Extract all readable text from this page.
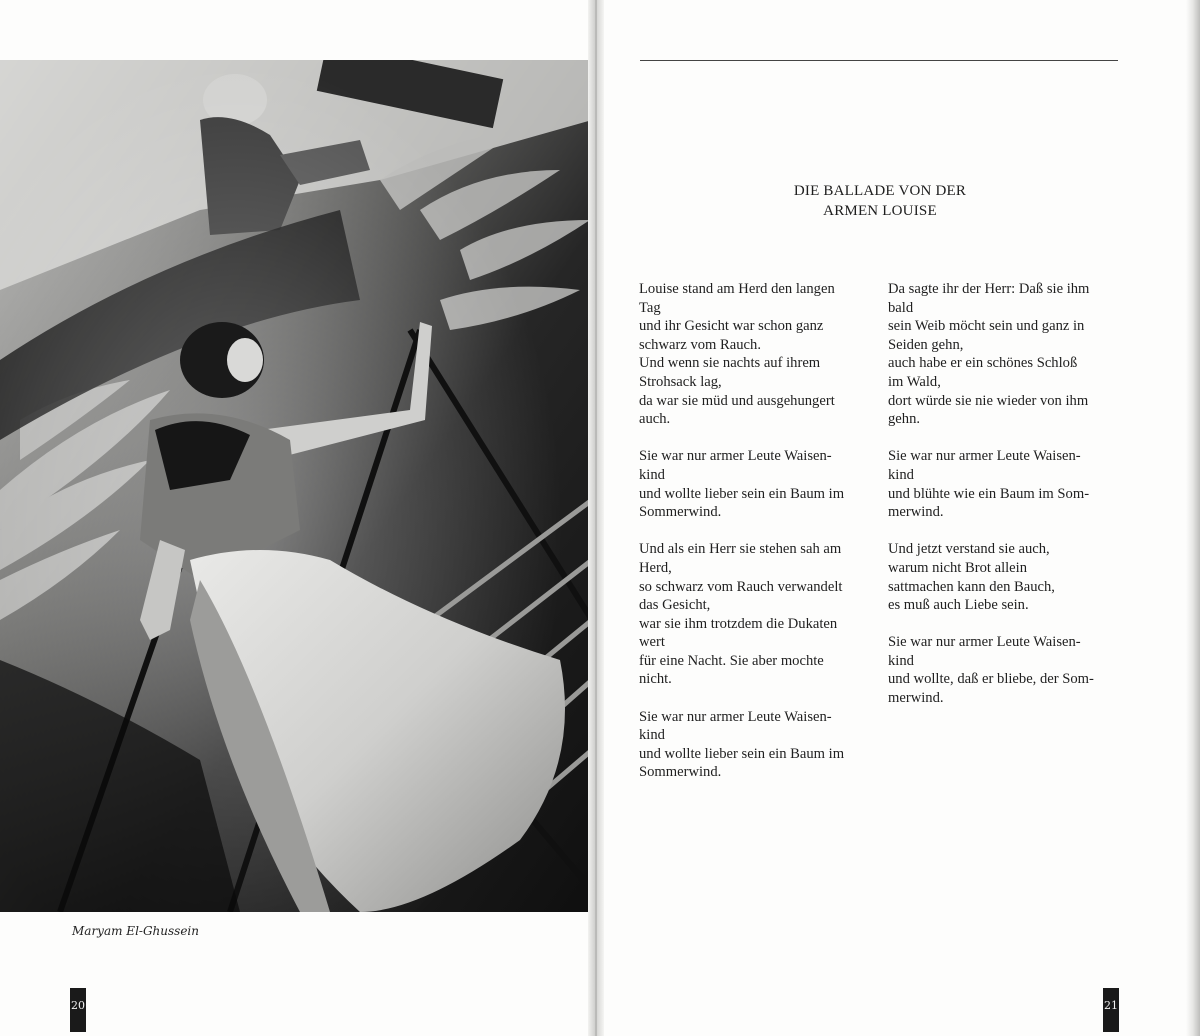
Maryam El-Ghussein
20
DIE BALLADE VON DER
ARMEN LOUISE
Louise stand am Herd den langen
Tag
und ihr Gesicht war schon ganz
schwarz vom Rauch.
Und wenn sie nachts auf ihrem
Strohsack lag,
da war sie müd und ausgehungert
auch.
Sie war nur armer Leute Waisen-
kind
und wollte lieber sein ein Baum im
Sommerwind.
Und als ein Herr sie stehen sah am
Herd,
so schwarz vom Rauch verwandelt
das Gesicht,
war sie ihm trotzdem die Dukaten
wert
für eine Nacht. Sie aber mochte
nicht.
Sie war nur armer Leute Waisen-
kind
und wollte lieber sein ein Baum im
Sommerwind.
Da sagte ihr der Herr: Daß sie ihm
bald
sein Weib möcht sein und ganz in
Seiden gehn,
auch habe er ein schönes Schloß
im Wald,
dort würde sie nie wieder von ihm
gehn.
Sie war nur armer Leute Waisen-
kind
und blühte wie ein Baum im Som-
merwind.
Und jetzt verstand sie auch,
warum nicht Brot allein
sattmachen kann den Bauch,
es muß auch Liebe sein.
Sie war nur armer Leute Waisen-
kind
und wollte, daß er bliebe, der Som-
merwind.
21
